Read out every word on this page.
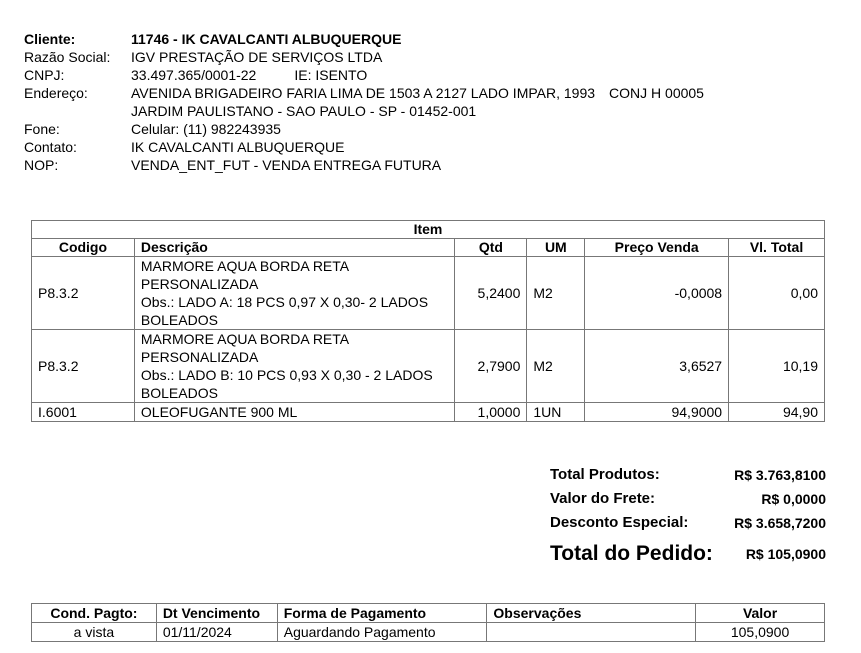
Cliente:	11746 - IK CAVALCANTI ALBUQUERQUE
Razão Social: IGV PRESTAÇÃO DE SERVIÇOS LTDA
CNPJ:	33.497.365/0001-22	IE: ISENTO
Endereço:	AVENIDA BRIGADEIRO FARIA LIMA DE 1503 A 2127 LADO IMPAR, 1993 CONJ H 00005
JARDIM PAULISTANO - SAO PAULO - SP - 01452-001
Fone:	Celular: (11) 982243935
Contato:	IK CAVALCANTI ALBUQUERQUE
NOP:	VENDA_ENT_FUT - VENDA ENTREGA FUTURA
Item					
Codigo	Descrição	Qtd	UM	Preço Venda	Vl. Total
P8.3.2	MARMORE AQUA BORDA RETA PERSONALIZADA
Obs.: LADO A: 18 PCS 0,97 X 0,30- 2 LADOS BOLEADOS	5,2400	M2	-0,0008	0,00
P8.3.2	MARMORE AQUA BORDA RETA PERSONALIZADA
Obs.: LADO B: 10 PCS 0,93 X 0,30 - 2 LADOS BOLEADOS	2,7900	M2	3,6527	10,19
I.6001	OLEOFUGANTE 900 ML	1,0000	1UN	94,9000	94,90
Total Produtos:	R$ 3.763,8100
Valor do Frete:	R$ 0,0000
Desconto Especial:	R$ 3.658,7200
Total do Pedido: R$ 105,0900
Cond. Pagto:	Dt Vencimento	Forma de Pagamento	Observações	Valor
a vista	01/11/2024	Aguardando Pagamento		105,0900
